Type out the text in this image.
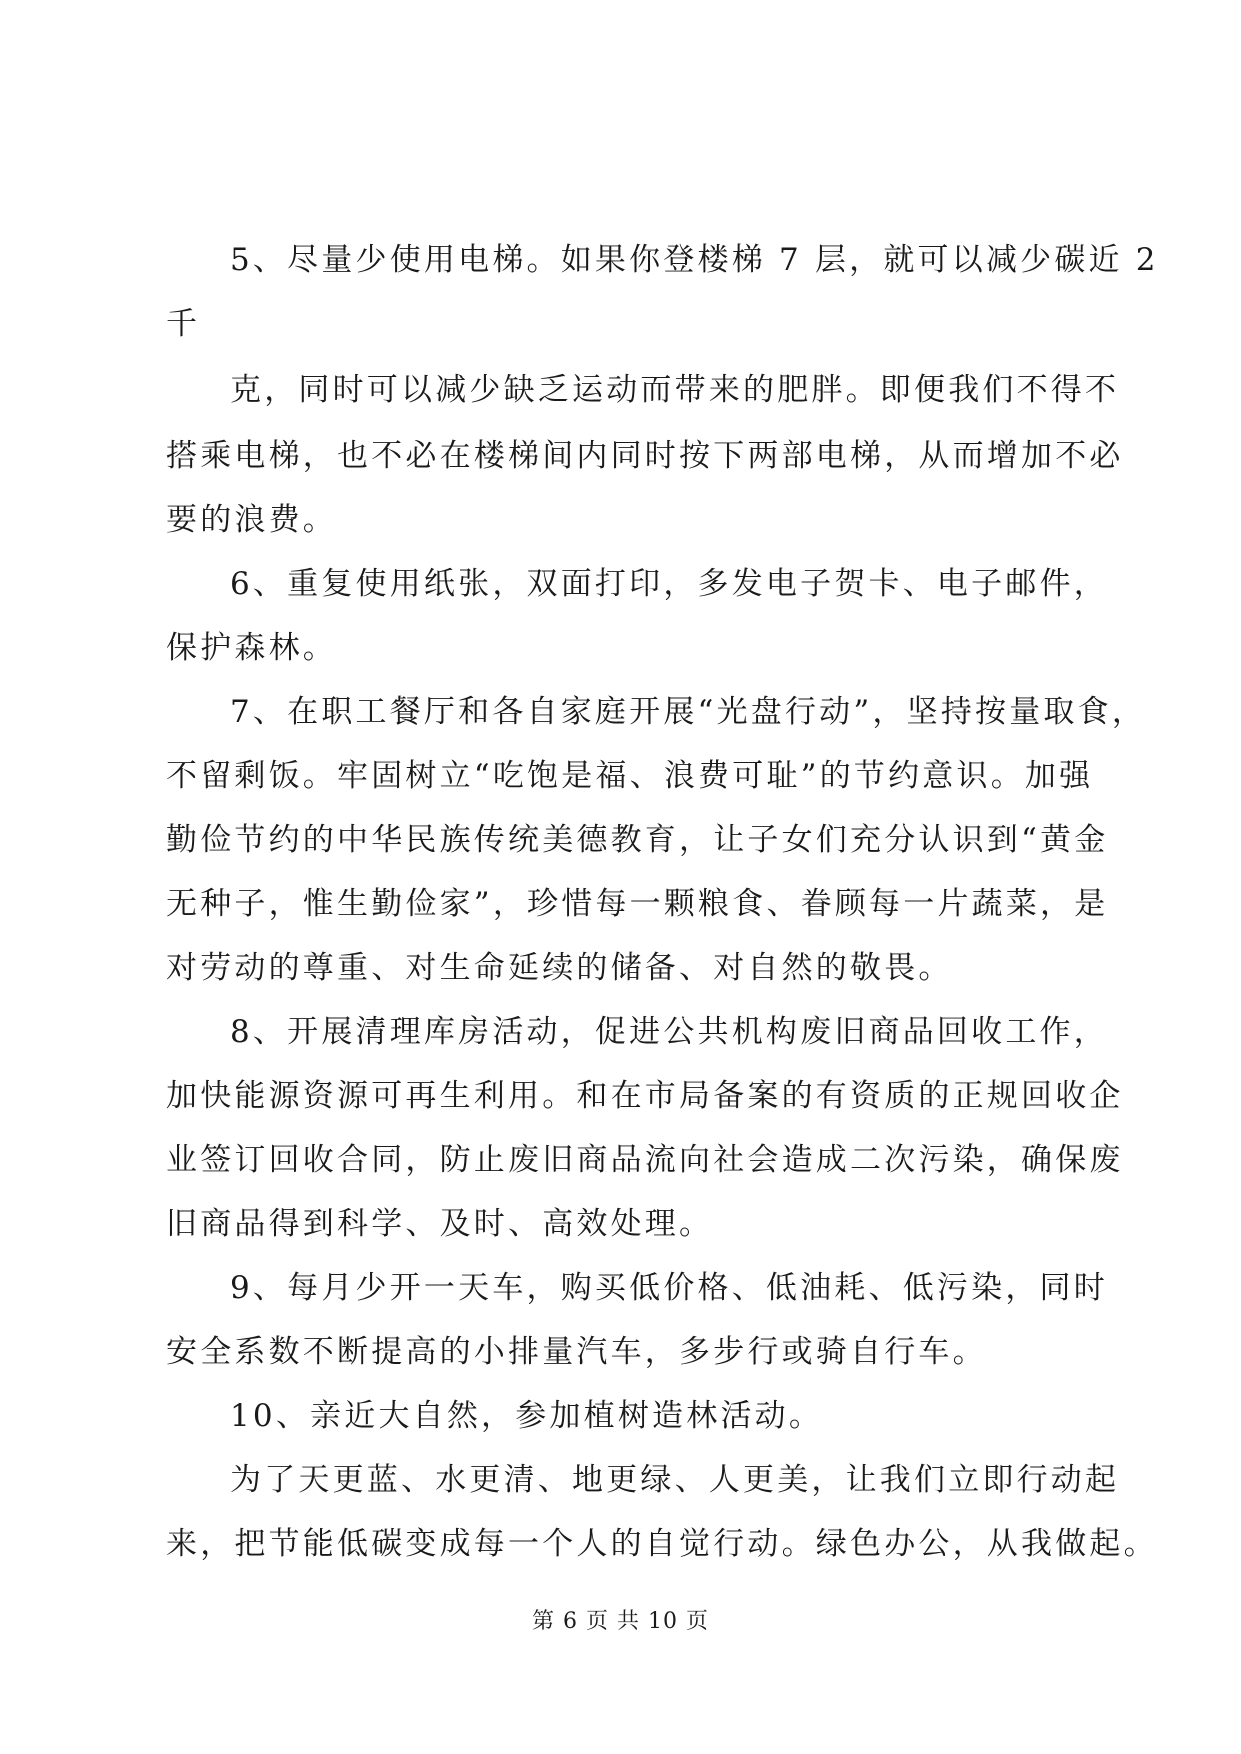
5、尽量少使用电梯。如果你登楼梯 7 层，就可以减少碳近 2
千
克，同时可以减少缺乏运动而带来的肥胖。即便我们不得不
搭乘电梯，也不必在楼梯间内同时按下两部电梯，从而增加不必
要的浪费。
6、重复使用纸张，双面打印，多发电子贺卡、电子邮件，
保护森林。
7、在职工餐厅和各自家庭开展“光盘行动”，坚持按量取食，
不留剩饭。牢固树立“吃饱是福、浪费可耻”的节约意识。加强
勤俭节约的中华民族传统美德教育，让子女们充分认识到“黄金
无种子，惟生勤俭家”，珍惜每一颗粮食、眷顾每一片蔬菜，是
对劳动的尊重、对生命延续的储备、对自然的敬畏。
8、开展清理库房活动，促进公共机构废旧商品回收工作，
加快能源资源可再生利用。和在市局备案的有资质的正规回收企
业签订回收合同，防止废旧商品流向社会造成二次污染，确保废
旧商品得到科学、及时、高效处理。
9、每月少开一天车，购买低价格、低油耗、低污染，同时
安全系数不断提高的小排量汽车，多步行或骑自行车。
10、亲近大自然，参加植树造林活动。
为了天更蓝、水更清、地更绿、人更美，让我们立即行动起
来，把节能低碳变成每一个人的自觉行动。绿色办公，从我做起。
第 6 页 共 10 页
